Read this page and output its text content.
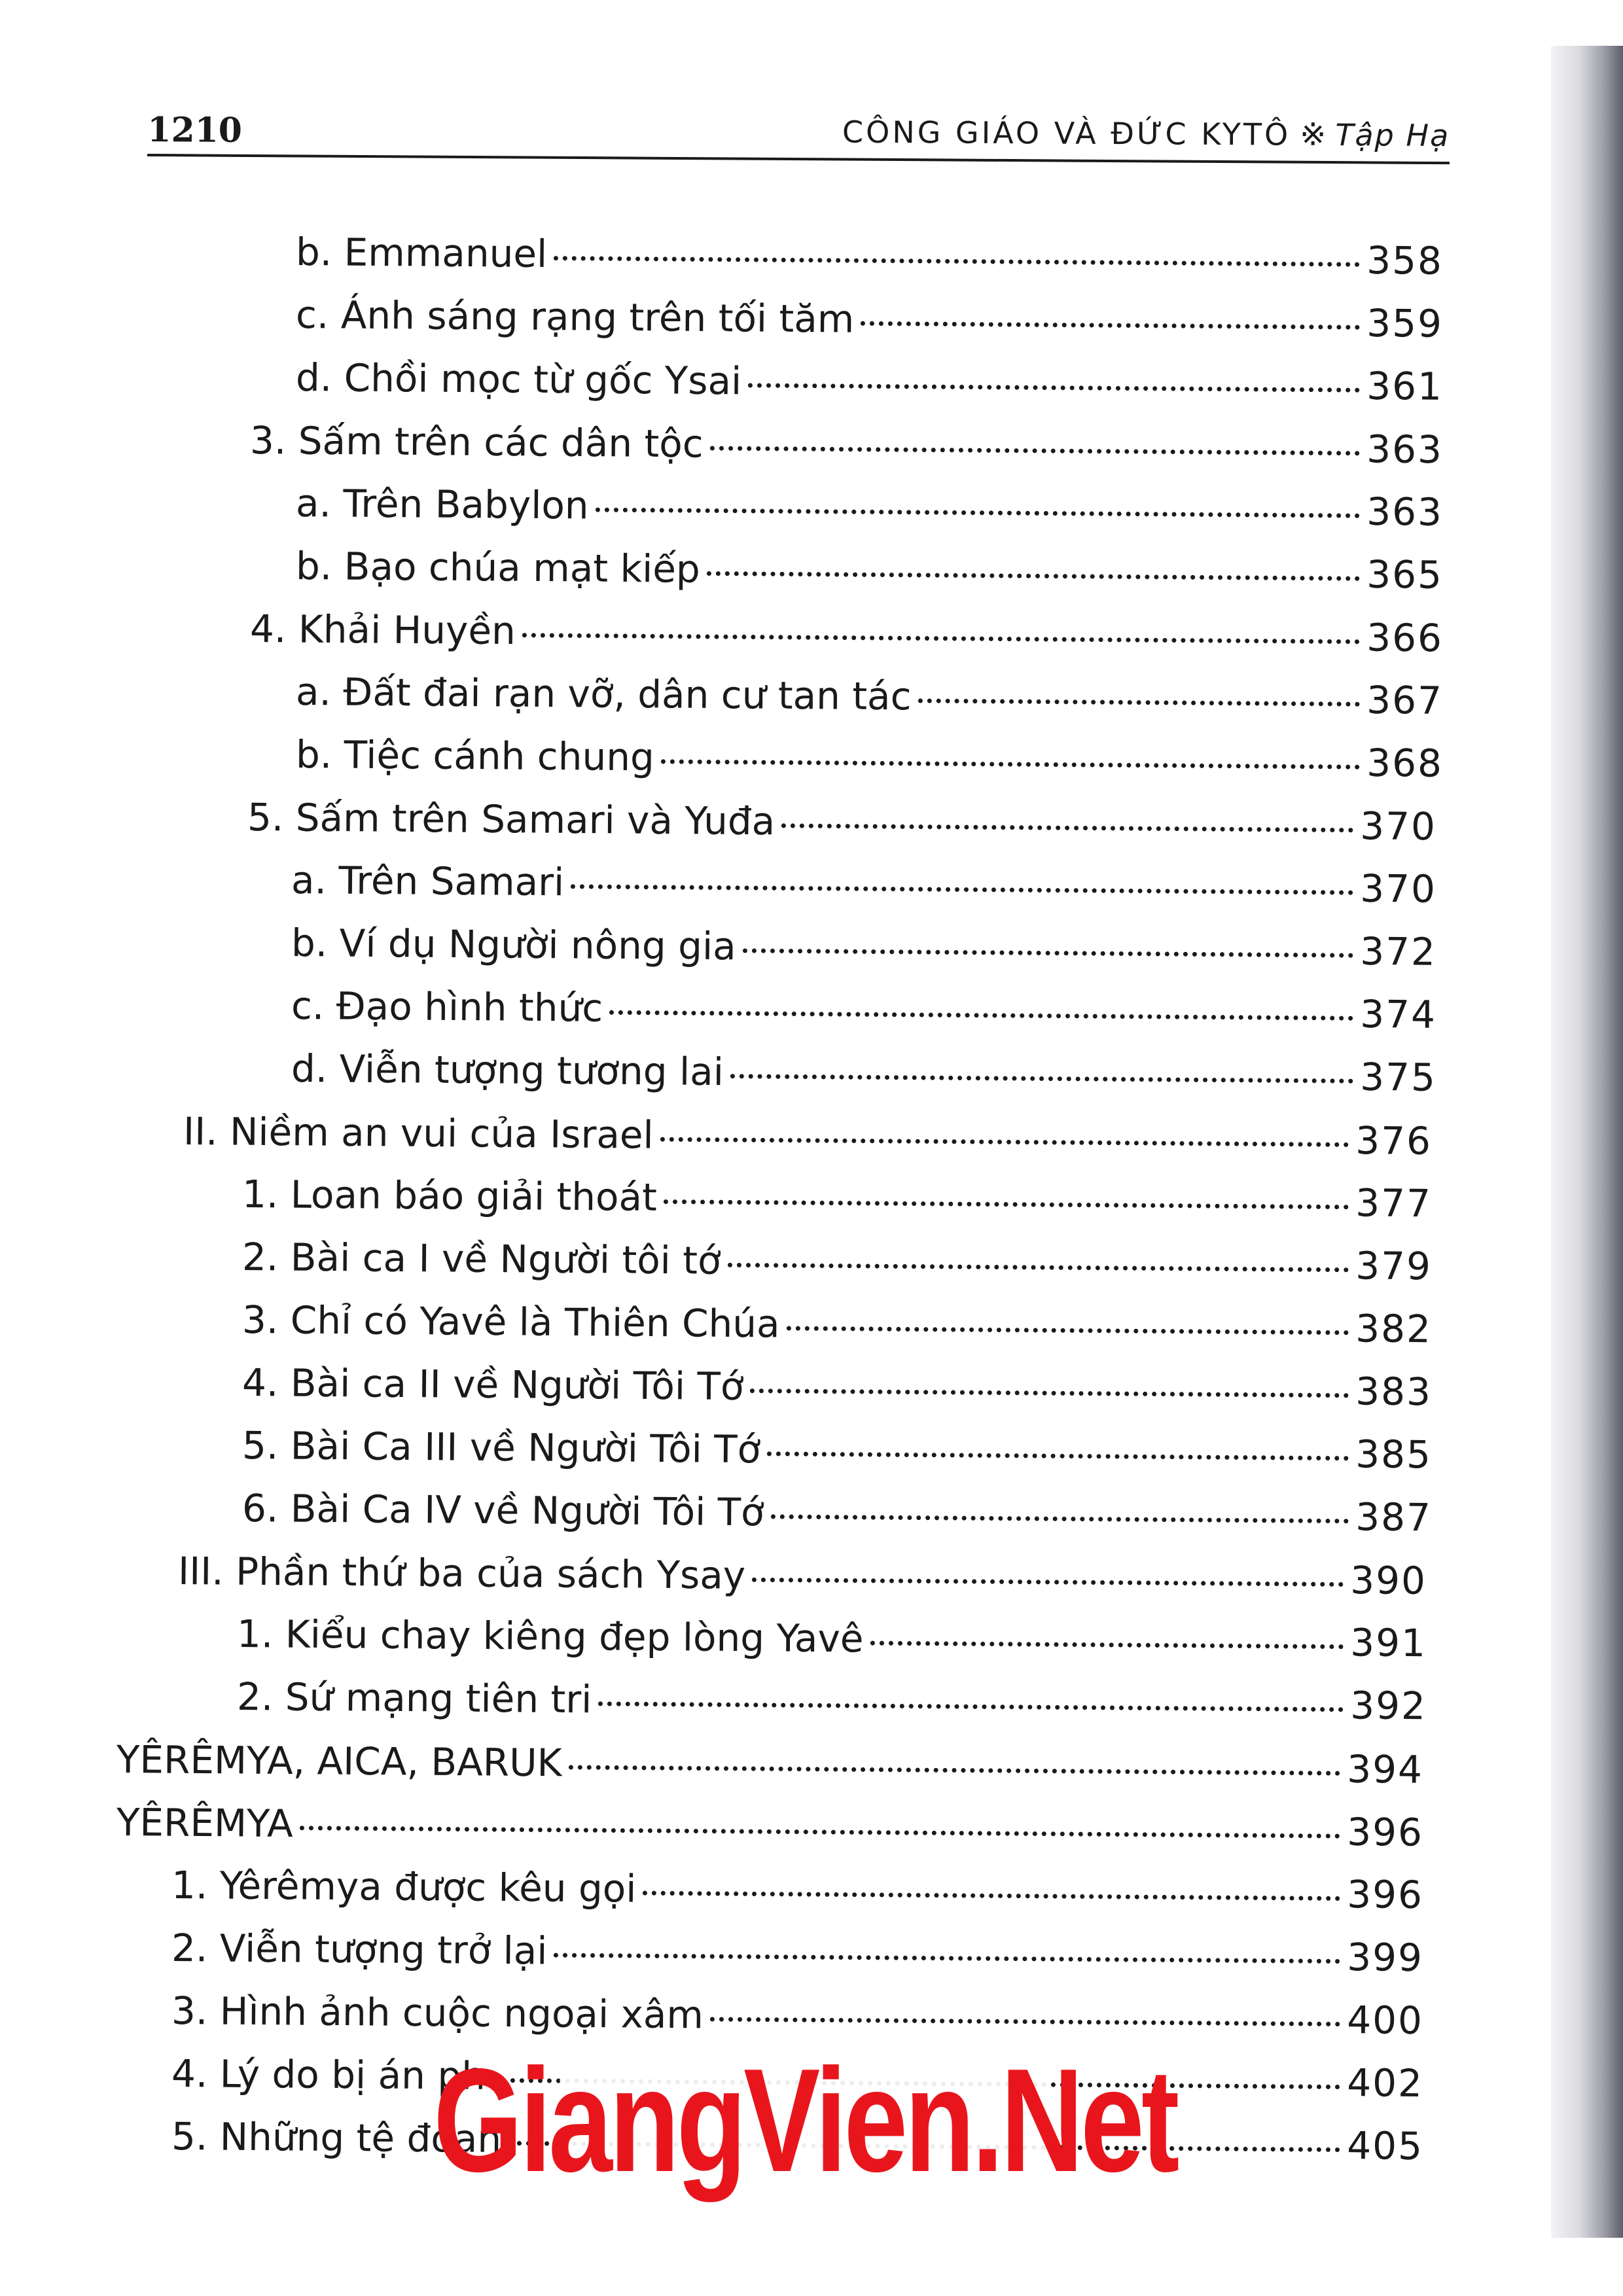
1210	CÔNG GIÁO VÀ ĐỨC KYTÔ ※ Tập Hạ
b. Emmanuel	358
c. Ánh sáng rạng trên tối tăm	359
d. Chồi mọc từ gốc Ysai	361
3. Sấm trên các dân tộc	363
a. Trên Babylon	363
b. Bạo chúa mạt kiếp	365
4. Khải Huyền	366
a. Đất đai rạn vỡ, dân cư tan tác	367
b. Tiệc cánh chung	368
5. Sấm trên Samari và Yuđa	370
a. Trên Samari	370
b. Ví dụ Người nông gia	372
c. Đạo hình thức	374
d. Viễn tượng tương lai	375
II. Niềm an vui của Israel	376
1. Loan báo giải thoát	377
2. Bài ca I về Người tôi tớ	379
3. Chỉ có Yavê là Thiên Chúa	382
4. Bài ca II về Người Tôi Tớ	383
5. Bài Ca III về Người Tôi Tớ	385
6. Bài Ca IV về Người Tôi Tớ	387
III. Phần thứ ba của sách Ysay	390
1. Kiểu chay kiêng đẹp lòng Yavê	391
2. Sứ mạng tiên tri	392
YÊRÊMYA, AICA, BARUK	394
YÊRÊMYA	396
1. Yêrêmya được kêu gọi	396
2. Viễn tượng trở lại	399
3. Hình ảnh cuộc ngoại xâm	400
4. Lý do bị án ph	402
5. Những tệ đoan	405
GiangVien.Net
